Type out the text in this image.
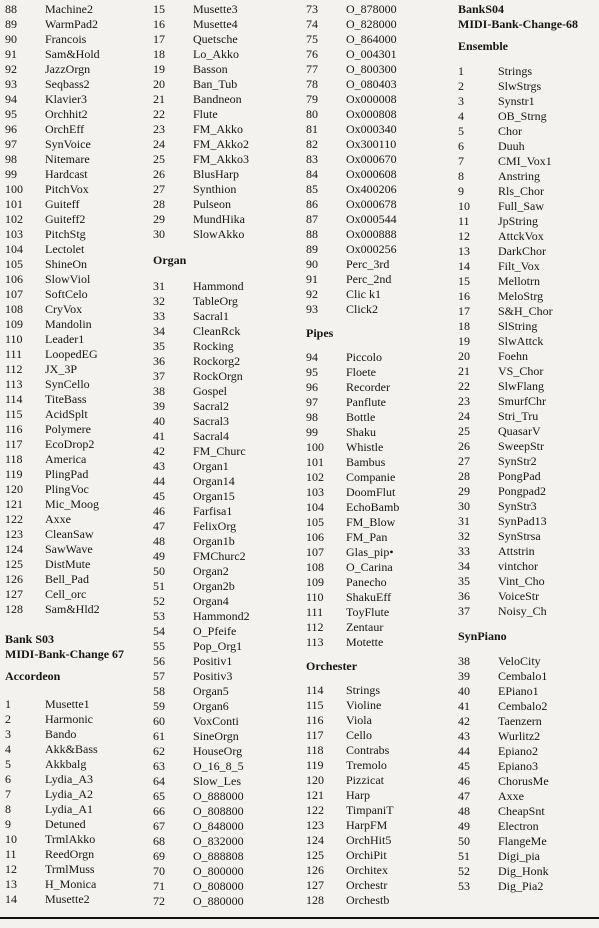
88	Machine2
89	WarmPad2
90	Francois
91	Sam&Hold
92	JazzOrgn
93	Seqbass2
94	Klavier3
95	Orchhit2
96	OrchEff
97	SynVoice
98	Nitemare
99	Hardcast
100	PitchVox
101	Guiteff
102	Guiteff2
103	PitchStg
104	Lectolet
105	ShineOn
106	SlowViol
107	SoftCelo
108	CryVox
109	Mandolin
110	Leader1
111	LoopedEG
112	JX_3P
113	SynCello
114	TiteBass
115	AcidSplt
116	Polymere
117	EcoDrop2
118	America
119	PlingPad
120	PlingVoc
121	Mic_Moog
122	Axxe
123	CleanSaw
124	SawWave
125	DistMute
126	Bell_Pad
127	Cell_orc
128	Sam&Hld2
Bank S03
MIDI-Bank-Change 67
Accordeon
1	Musette1
2	Harmonic
3	Bando
4	Akk&Bass
5	Akkbalg
6	Lydia_A3
7	Lydia_A2
8	Lydia_A1
9	Detuned
10	TrmlAkko
11	ReedOrgn
12	TrmlMuss
13	H_Monica
14	Musette2
15	Musette3
16	Musette4
17	Quetsche
18	Lo_Akko
19	Basson
20	Ban_Tub
21	Bandneon
22	Flute
23	FM_Akko
24	FM_Akko2
25	FM_Akko3
26	BlusHarp
27	Synthion
28	Pulseon
29	MundHika
30	SlowAkko
Organ
31	Hammond
32	TableOrg
33	Sacral1
34	CleanRck
35	Rocking
36	Rockorg2
37	RockOrgn
38	Gospel
39	Sacral2
40	Sacral3
41	Sacral4
42	FM_Churc
43	Organ1
44	Organ14
45	Organ15
46	Farfisa1
47	FelixOrg
48	Organ1b
49	FMChurc2
50	Organ2
51	Organ2b
52	Organ4
53	Hammond2
54	O_Pfeife
55	Pop_Org1
56	Positiv1
57	Positiv3
58	Organ5
59	Organ6
60	VoxConti
61	SineOrgn
62	HouseOrg
63	O_16_8_5
64	Slow_Les
65	O_888000
66	O_808800
67	O_848000
68	O_832000
69	O_888808
70	O_800000
71	O_808000
72	O_880000
73	O_878000
74	O_828000
75	O_864000
76	O_004301
77	O_800300
78	O_080403
79	Ox000008
80	Ox000808
81	Ox000340
82	Ox300110
83	Ox000670
84	Ox000608
85	Ox400206
86	Ox000678
87	Ox000544
88	Ox000888
89	Ox000256
90	Perc_3rd
91	Perc_2nd
92	Clic k1
93	Click2
Pipes
94	Piccolo
95	Floete
96	Recorder
97	Panflute
98	Bottle
99	Shaku
100	Whistle
101	Bambus
102	Companie
103	DoomFlut
104	EchoBamb
105	FM_Blow
106	FM_Pan
107	Glas_pip•
108	O_Carina
109	Panecho
110	ShakuEff
111	ToyFlute
112	Zentaur
113	Motette
Orchester
114	Strings
115	Violine
116	Viola
117	Cello
118	Contrabs
119	Tremolo
120	Pizzicat
121	Harp
122	TimpaniT
123	HarpFM
124	OrchHit5
125	OrchiPit
126	Orchitex
127	Orchestr
128	Orchestb
BankS04
MIDI-Bank-Change-68
Ensemble
1	Strings
2	SlwStrgs
3	Synstr1
4	OB_Strng
5	Chor
6	Duuh
7	CMI_Vox1
8	Anstring
9	Rls_Chor
10	Full_Saw
11	JpString
12	AttckVox
13	DarkChor
14	Filt_Vox
15	Mellotrn
16	MeloStrg
17	S&H_Chor
18	SlString
19	SlwAttck
20	Foehn
21	VS_Chor
22	SlwFlang
23	SmurfChr
24	Stri_Tru
25	QuasarV
26	SweepStr
27	SynStr2
28	PongPad
29	Pongpad2
30	SynStr3
31	SynPad13
32	SynStrsa
33	Attstrin
34	vintchor
35	Vint_Cho
36	VoiceStr
37	Noisy_Ch
SynPiano
38	VeloCity
39	Cembalo1
40	EPiano1
41	Cembalo2
42	Taenzern
43	Wurlitz2
44	Epiano2
45	Epiano3
46	ChorusMe
47	Axxe
48	CheapSnt
49	Electron
50	FlangeMe
51	Digi_pia
52	Dig_Honk
53	Dig_Pia2
